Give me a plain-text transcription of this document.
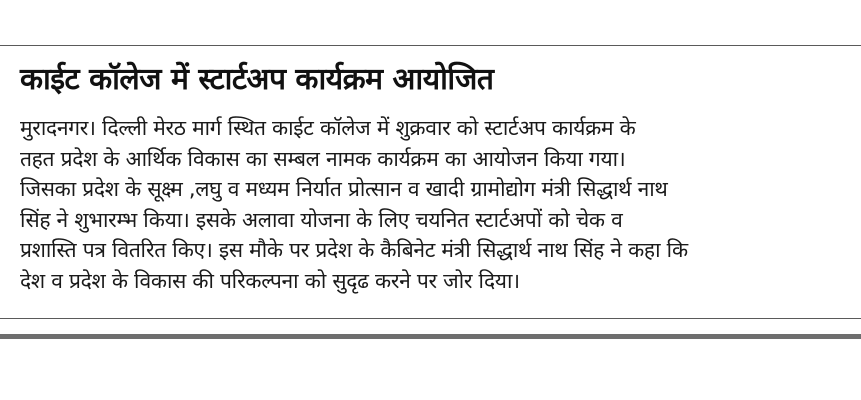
काईट कॉलेज में स्टार्टअप कार्यक्रम आयोजित
मुरादनगर। दिल्ली मेरठ मार्ग स्थित काईट कॉलेज में शुक्रवार को स्टार्टअप कार्यक्रम के
तहत प्रदेश के आर्थिक विकास का सम्बल नामक कार्यक्रम का आयोजन किया गया।
जिसका प्रदेश के सूक्ष्म ,लघु व मध्यम निर्यात प्रोत्सान व खादी ग्रामोद्योग मंत्री सिद्धार्थ नाथ
सिंह ने शुभारम्भ किया। इसके अलावा योजना के लिए चयनित स्टार्टअपों को चेक व
प्रशास्ति पत्र वितरित किए। इस मौके पर प्रदेश के कैबिनेट मंत्री सिद्धार्थ नाथ सिंह ने कहा कि
देश व प्रदेश के विकास की परिकल्पना को सुदृढ करने पर जोर दिया।
